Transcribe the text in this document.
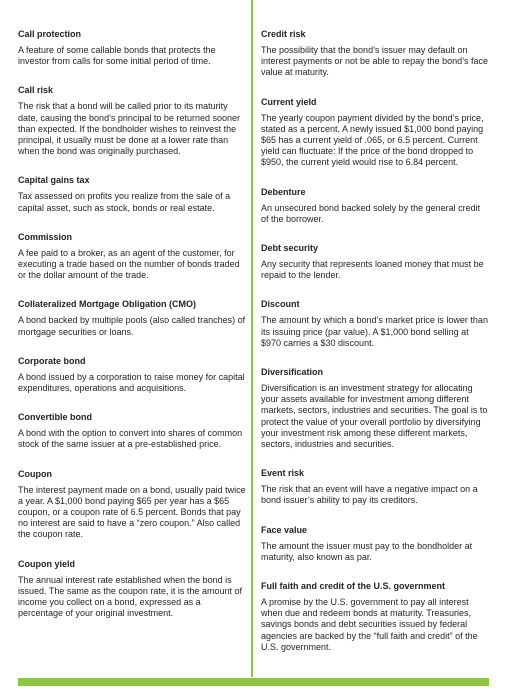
Call protection
A feature of some callable bonds that protects the investor from calls for some initial period of time.
Call risk
The risk that a bond will be called prior to its maturity date, causing the bond’s principal to be returned sooner than expected. If the bondholder wishes to reinvest the principal, it usually must be done at a lower rate than when the bond was originally purchased.
Capital gains tax
Tax assessed on profits you realize from the sale of a capital asset, such as stock, bonds or real estate.
Commission
A fee paid to a broker, as an agent of the customer, for executing a trade based on the number of bonds traded or the dollar amount of the trade.
Collateralized Mortgage Obligation (CMO)
A bond backed by multiple pools (also called tranches) of mortgage securities or loans.
Corporate bond
A bond issued by a corporation to raise money for capital expenditures, operations and acquisitions.
Convertible bond
A bond with the option to convert into shares of common stock of the same issuer at a pre-established price.
Coupon
The interest payment made on a bond, usually paid twice a year. A $1,000 bond paying $65 per year has a $65 coupon, or a coupon rate of 6.5 percent. Bonds that pay no interest are said to have a “zero coupon.” Also called the coupon rate.
Coupon yield
The annual interest rate established when the bond is issued. The same as the coupon rate, it is the amount of income you collect on a bond, expressed as a percentage of your original investment.
Credit risk
The possibility that the bond’s issuer may default on interest payments or not be able to repay the bond’s face value at maturity.
Current yield
The yearly coupon payment divided by the bond’s price, stated as a percent. A newly issued $1,000 bond paying $65 has a current yield of .065, or 6.5 percent. Current yield can fluctuate: If the price of the bond dropped to $950, the current yield would rise to 6.84 percent.
Debenture
An unsecured bond backed solely by the general credit of the borrower.
Debt security
Any security that represents loaned money that must be repaid to the lender.
Discount
The amount by which a bond’s market price is lower than its issuing price (par value). A $1,000 bond selling at $970 carries a $30 discount.
Diversification
Diversification is an investment strategy for allocating your assets available for investment among different markets, sectors, industries and securities. The goal is to protect the value of your overall portfolio by diversifying your investment risk among these different markets, sectors, industries and securities.
Event risk
The risk that an event will have a negative impact on a bond issuer’s ability to pay its creditors.
Face value
The amount the issuer must pay to the bondholder at maturity, also known as par.
Full faith and credit of the U.S. government
A promise by the U.S. government to pay all interest when due and redeem bonds at maturity. Treasuries, savings bonds and debt securities issued by federal agencies are backed by the “full faith and credit” of the U.S. government.
